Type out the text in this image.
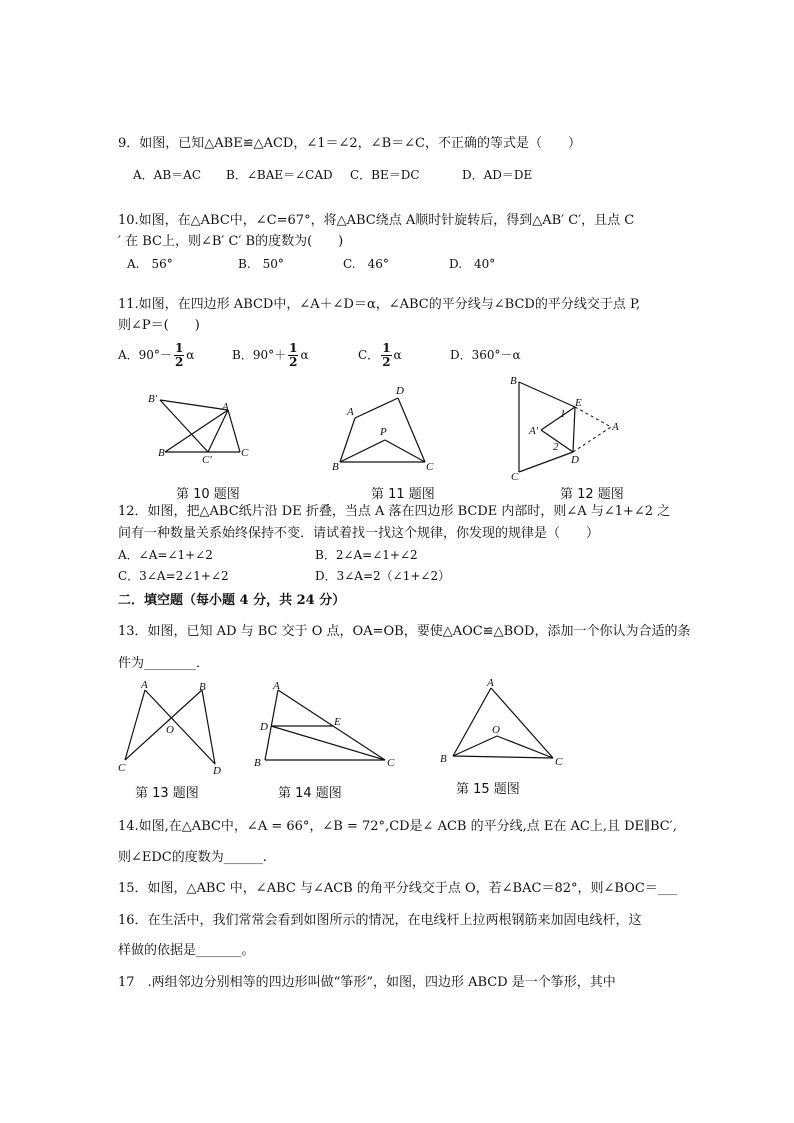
9．如图，已知△ABE≌△ACD，∠1＝∠2，∠B＝∠C，不正确的等式是（　　）
A．AB＝AC B．∠BAE＝∠CAD C．BE＝DC	D．AD＝DE
10.如图，在△ABC中，∠C=67°，将△ABC绕点 A顺时针旋转后，得到△AB′ C′，且点 C
′ 在 BC上，则∠B′ C′ B的度数为(　　)
A.　56°	B.　50°	C.　46°	D.　40°
11.如图，在四边形 ABCD中，∠A＋∠D＝α，∠ABC的平分线与∠BCD的平分线交于点 P,
则∠P＝(　　)
A．$90^\circ- \frac{1}{2}$ α	B．$90^\circ+ \frac{1}{2}$ α	C． $\frac{1}{2}$ α	D．360°－α
B′
A
B
C′
C
第 10 题图
D
A
P
B	C
第 11 题图
B
E
1
A′	A
2
D
C
第 12 题图
12．如图，把△ABC纸片沿 DE 折叠，当点 A 落在四边形 BCDE 内部时，则∠A 与∠1+∠2 之
间有一种数量关系始终保持不变．请试着找一找这个规律，你发现的规律是（　　）
A．∠A=∠1+∠2	B．2∠A=∠1+∠2
C．3∠A=2∠1+∠2	D．3∠A=2（∠1+∠2）
二．填空题（每小题 4 分，共 24 分）
13．如图，已知 AD 与 BC 交于 O 点，OA=OB，要使△AOC≌△BOD，添加一个你认为合适的条
件为________．
A	B
O
C	D
第 13 题图
A
D	E
B	C
第 14 题图
A
O
B	C
第 15 题图
14.如图,在△ABC中，∠A = 66°，∠B = 72°,CD是∠ ACB 的平分线,点 E在 AC上,且 DE∥BC′,
则∠EDC的度数为______.
15．如图，△ABC 中，∠ABC 与∠ACB 的角平分线交于点 O，若∠BAC＝82°，则∠BOC＝___
16．在生活中，我们常常会看到如图所示的情况，在电线杆上拉两根钢筋来加固电线杆，这
样做的依据是_______。
17　.两组邻边分别相等的四边形叫做“筝形”，如图，四边形 ABCD 是一个筝形，其中
